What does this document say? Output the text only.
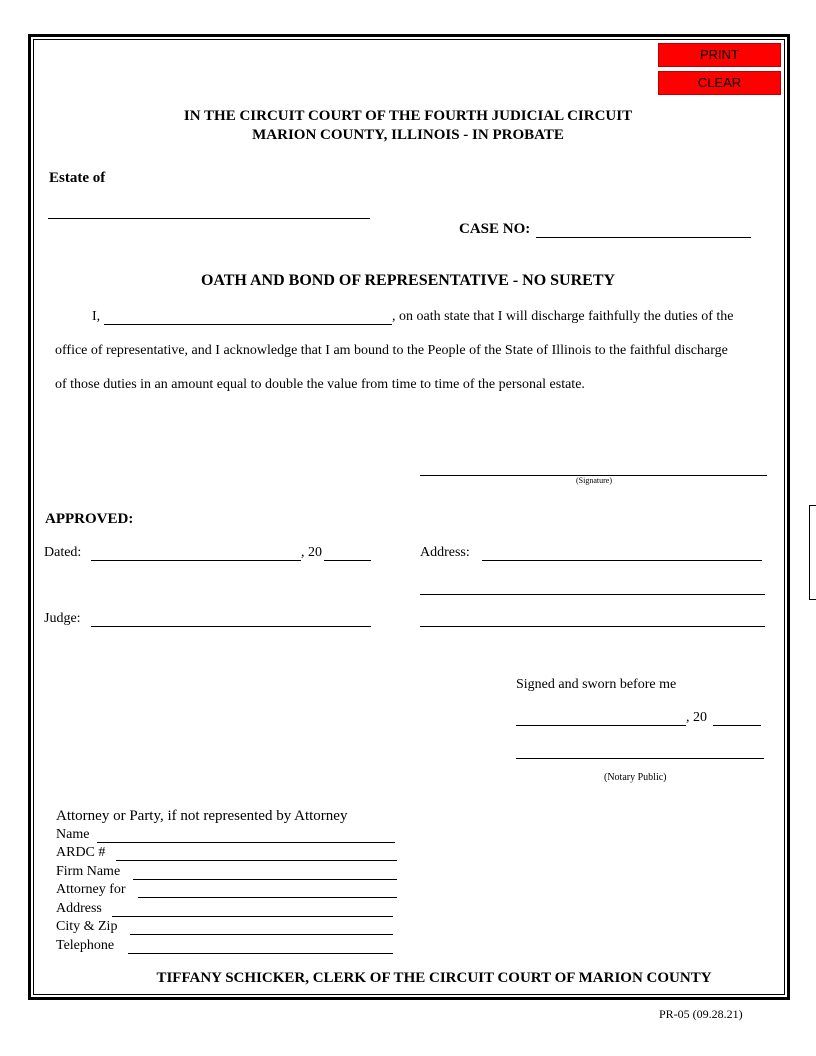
PRINT
CLEAR
IN THE CIRCUIT COURT OF THE FOURTH JUDICIAL CIRCUIT
MARION COUNTY, ILLINOIS - IN PROBATE
Estate of
CASE NO:
OATH AND BOND OF REPRESENTATIVE - NO SURETY
I,	, on oath state that I will discharge faithfully the duties of the
office of representative, and I acknowledge that I am bound to the People of the State of Illinois to the faithful discharge
of those duties in an amount equal to double the value from time to time of the personal estate.
(Signature)
APPROVED:
Dated:	, 20	Address:
Judge:
Signed and sworn before me
, 20
(Notary Public)
Attorney or Party, if not represented by Attorney
Name
ARDC #
Firm Name
Attorney for
Address
City & Zip
Telephone
TIFFANY SCHICKER, CLERK OF THE CIRCUIT COURT OF MARION COUNTY
PR-05 (09.28.21)
